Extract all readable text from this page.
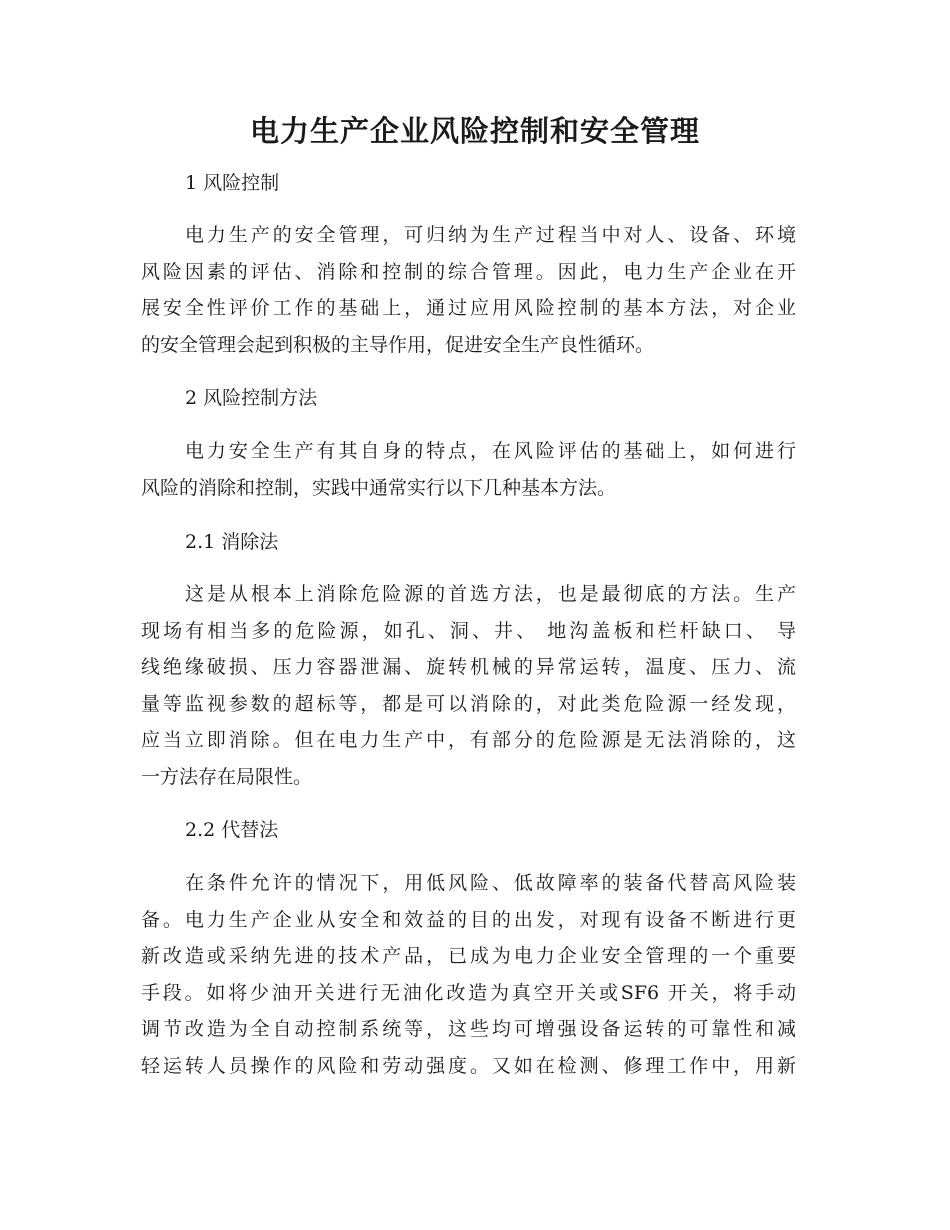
电力生产企业风险控制和安全管理
1 风险控制
电力生产的安全管理，可归纳为生产过程当中对人、设备、环境
风险因素的评估、消除和控制的综合管理。因此，电力生产企业在开
展安全性评价工作的基础上，通过应用风险控制的基本方法，对企业
的安全管理会起到积极的主导作用，促进安全生产良性循环。
2 风险控制方法
电力安全生产有其自身的特点，在风险评估的基础上，如何进行
风险的消除和控制，实践中通常实行以下几种基本方法。
2.1 消除法
这是从根本上消除危险源的首选方法，也是最彻底的方法。生产
现场有相当多的危险源，如孔、洞、井、 地沟盖板和栏杆缺口、 导
线绝缘破损、压力容器泄漏、旋转机械的异常运转，温度、压力、流
量等监视参数的超标等，都是可以消除的，对此类危险源一经发现，
应当立即消除。但在电力生产中，有部分的危险源是无法消除的，这
一方法存在局限性。
2.2 代替法
在条件允许的情况下，用低风险、低故障率的装备代替高风险装
备。电力生产企业从安全和效益的目的出发，对现有设备不断进行更
新改造或采纳先进的技术产品，已成为电力企业安全管理的一个重要
手段。如将少油开关进行无油化改造为真空开关或SF6 开关，将手动
调节改造为全自动控制系统等，这些均可增强设备运转的可靠性和减
轻运转人员操作的风险和劳动强度。又如在检测、修理工作中，用新
